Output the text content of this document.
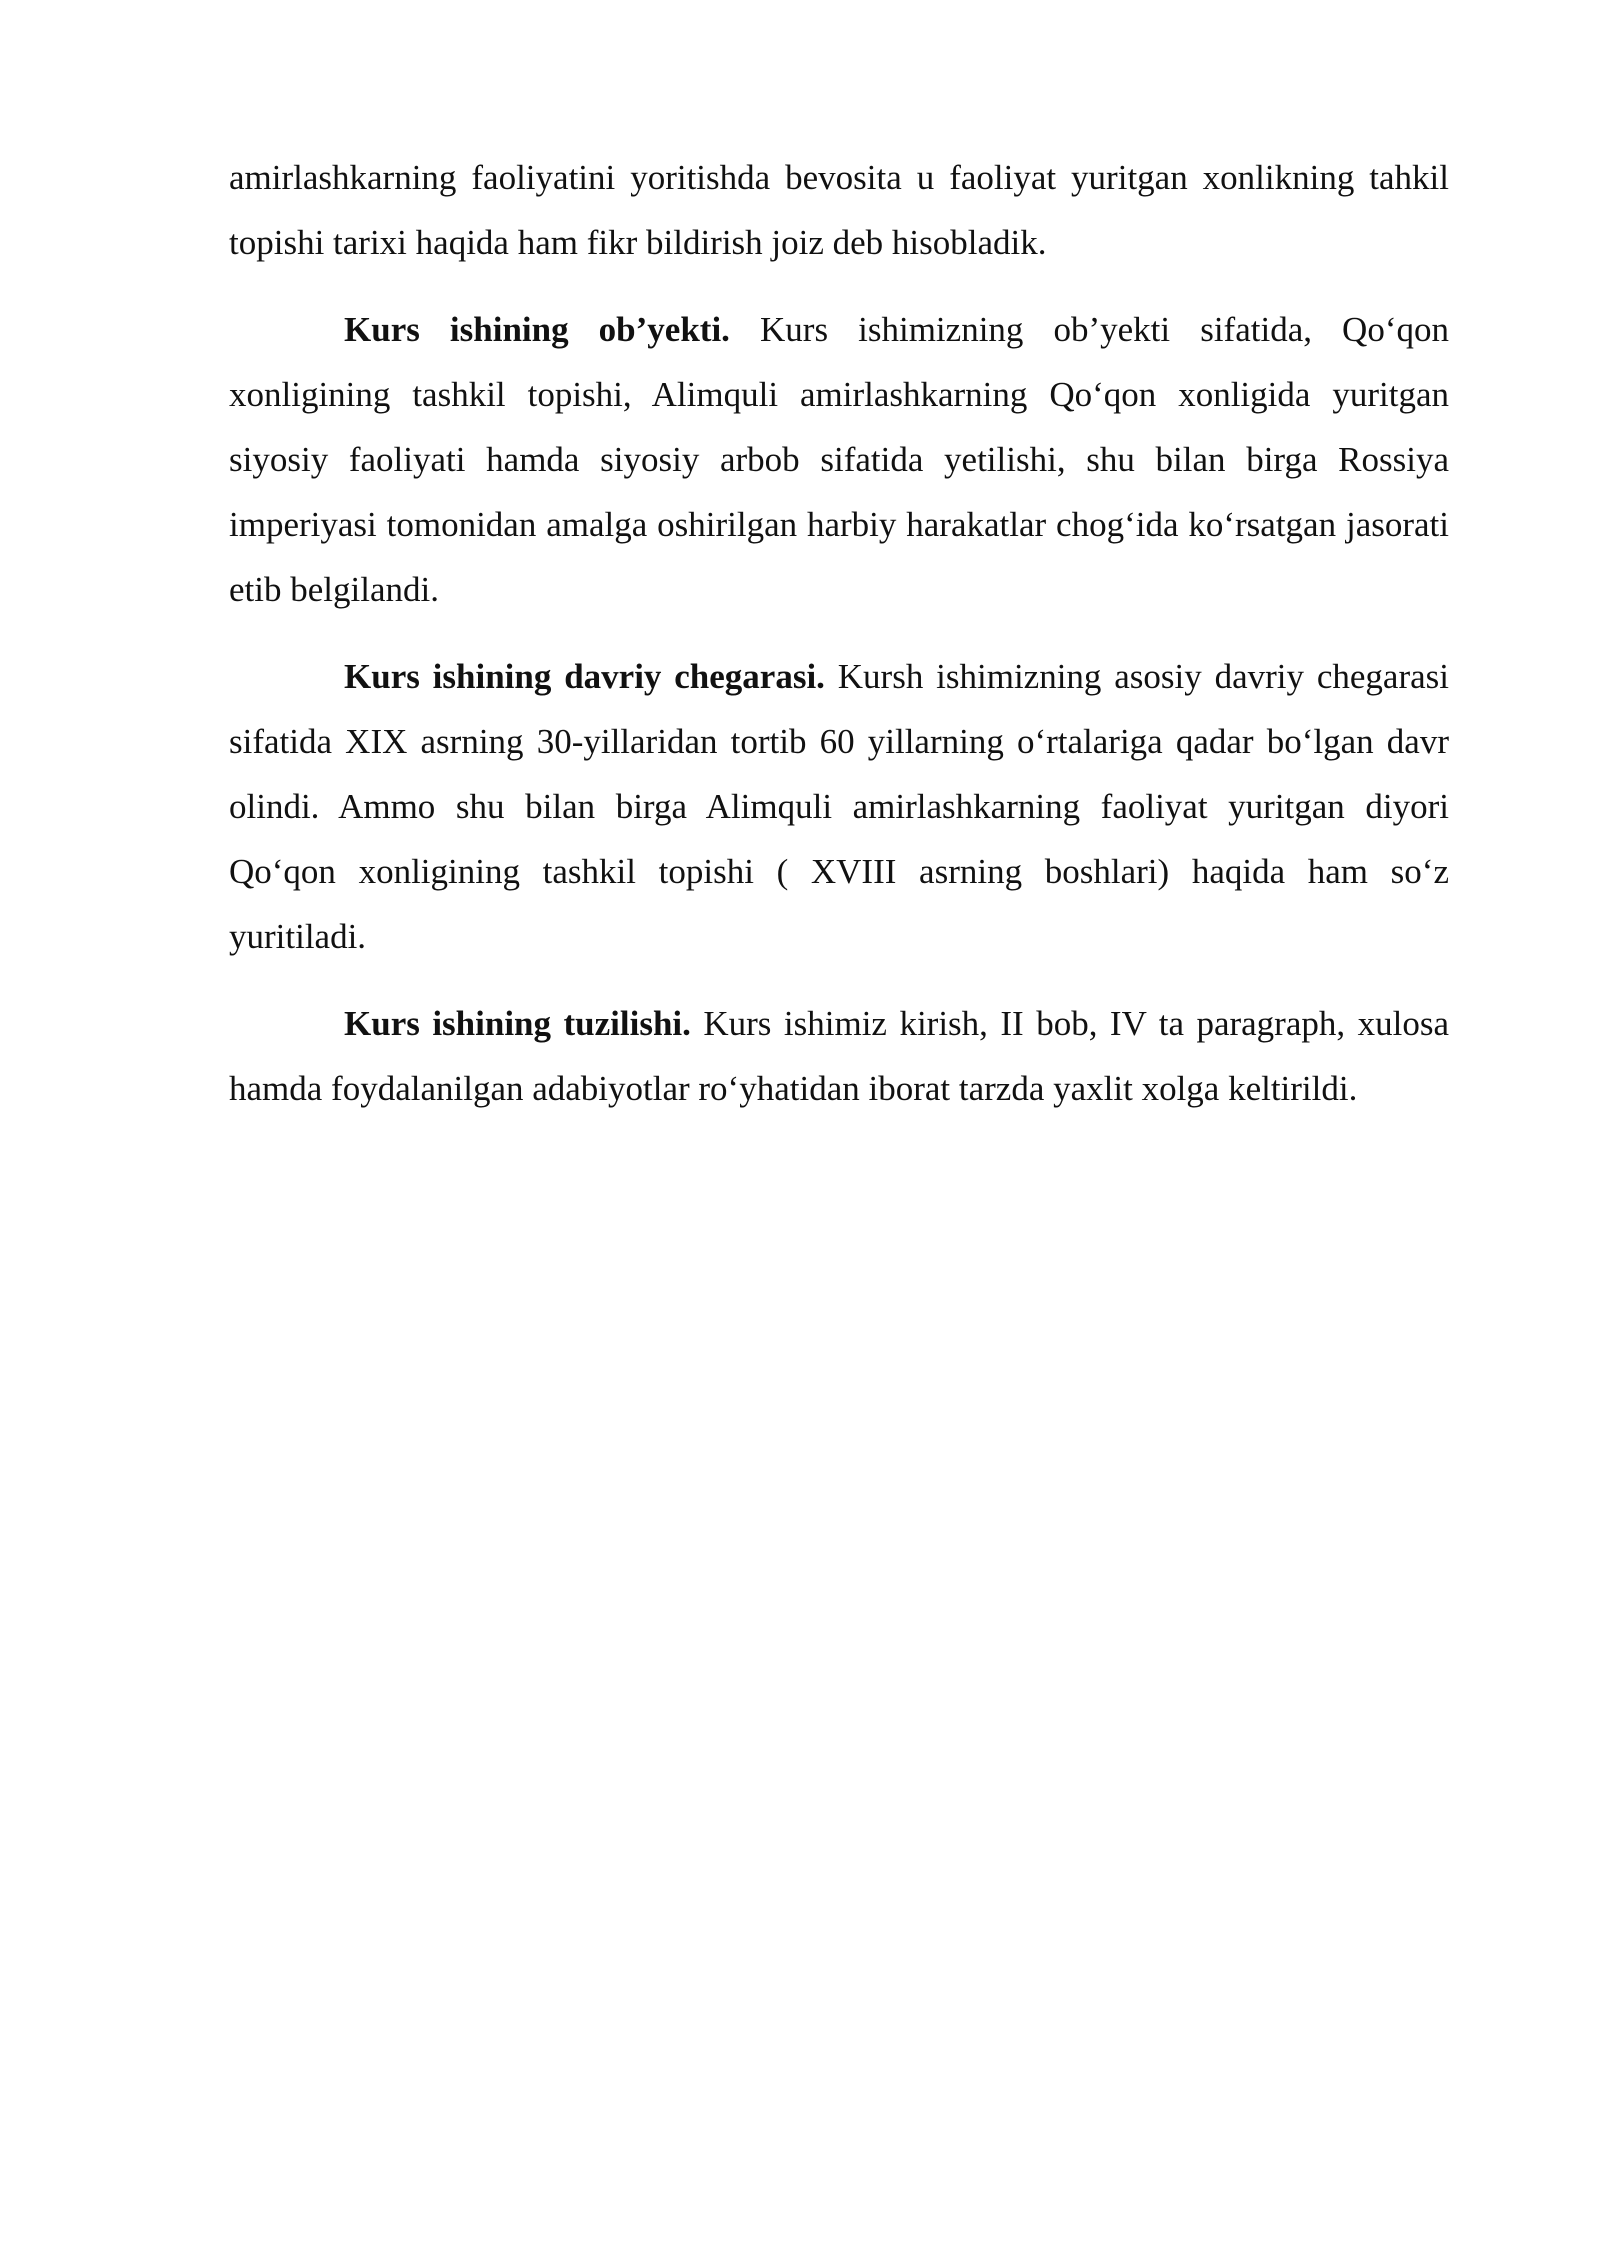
amirlashkarning faoliyatini yoritishda bevosita u faoliyat yuritgan xonlikning tahkil topishi tarixi haqida ham fikr bildirish joiz deb hisobladik.

Kurs ishining ob’yekti. Kurs ishimizning ob’yekti sifatida, Qo‘qon xonligining tashkil topishi, Alimquli amirlashkarning Qo‘qon xonligida yuritgan siyosiy faoliyati hamda siyosiy arbob sifatida yetilishi, shu bilan birga Rossiya imperiyasi tomonidan amalga oshirilgan harbiy harakatlar chog‘ida ko‘rsatgan jasorati etib belgilandi.

Kurs ishining davriy chegarasi. Kursh ishimizning asosiy davriy chegarasi sifatida XIX asrning 30-yillaridan tortib 60 yillarning o‘rtalariga qadar bo‘lgan davr olindi. Ammo shu bilan birga Alimquli amirlashkarning faoliyat yuritgan diyori Qo‘qon xonligining tashkil topishi ( XVIII asrning boshlari) haqida ham so‘z yuritiladi.

Kurs ishining tuzilishi. Kurs ishimiz kirish, II bob, IV ta paragraph, xulosa hamda foydalanilgan adabiyotlar ro‘yhatidan iborat tarzda yaxlit xolga keltirildi.
